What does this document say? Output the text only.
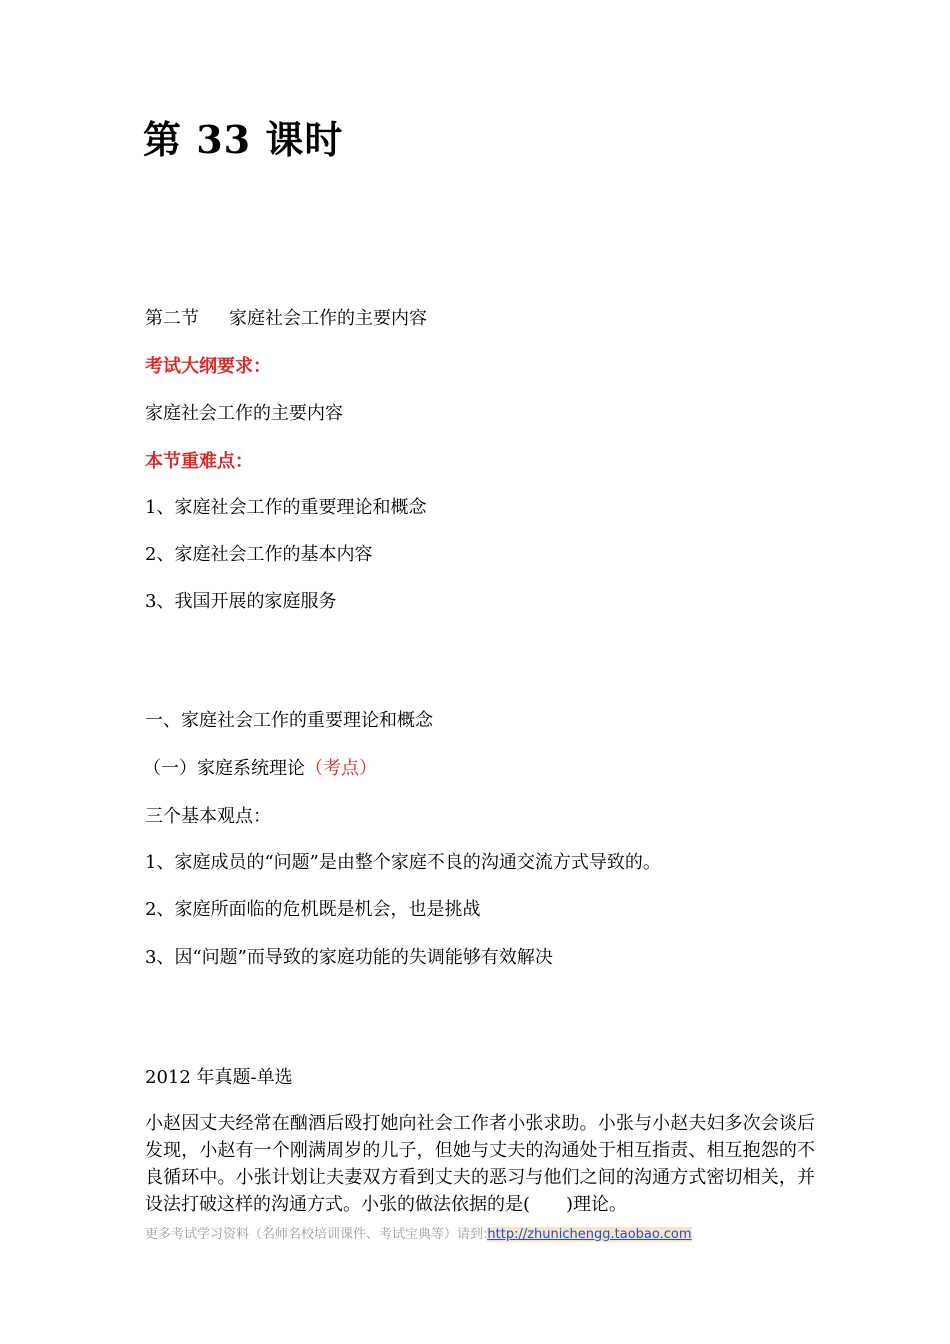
第 33 课时
第二节 家庭社会工作的主要内容
考试大纲要求：
家庭社会工作的主要内容
本节重难点：
1、家庭社会工作的重要理论和概念
2、家庭社会工作的基本内容
3、我国开展的家庭服务
一、家庭社会工作的重要理论和概念
（一）家庭系统理论（考点）
三个基本观点：
1、家庭成员的“问题”是由整个家庭不良的沟通交流方式导致的。
2、家庭所面临的危机既是机会，也是挑战
3、因“问题”而导致的家庭功能的失调能够有效解决
2012 年真题-单选
小赵因丈夫经常在酗酒后殴打她向社会工作者小张求助。小张与小赵夫妇多次会谈后发现，小赵有一个刚满周岁的儿子，但她与丈夫的沟通处于相互指责、相互抱怨的不良循环中。小张计划让夫妻双方看到丈夫的恶习与他们之间的沟通方式密切相关，并设法打破这样的沟通方式。小张的做法依据的是(　　)理论。
更多考试学习资料（名师名校培训课件、考试宝典等）请到:http://zhunichengg.taobao.com
